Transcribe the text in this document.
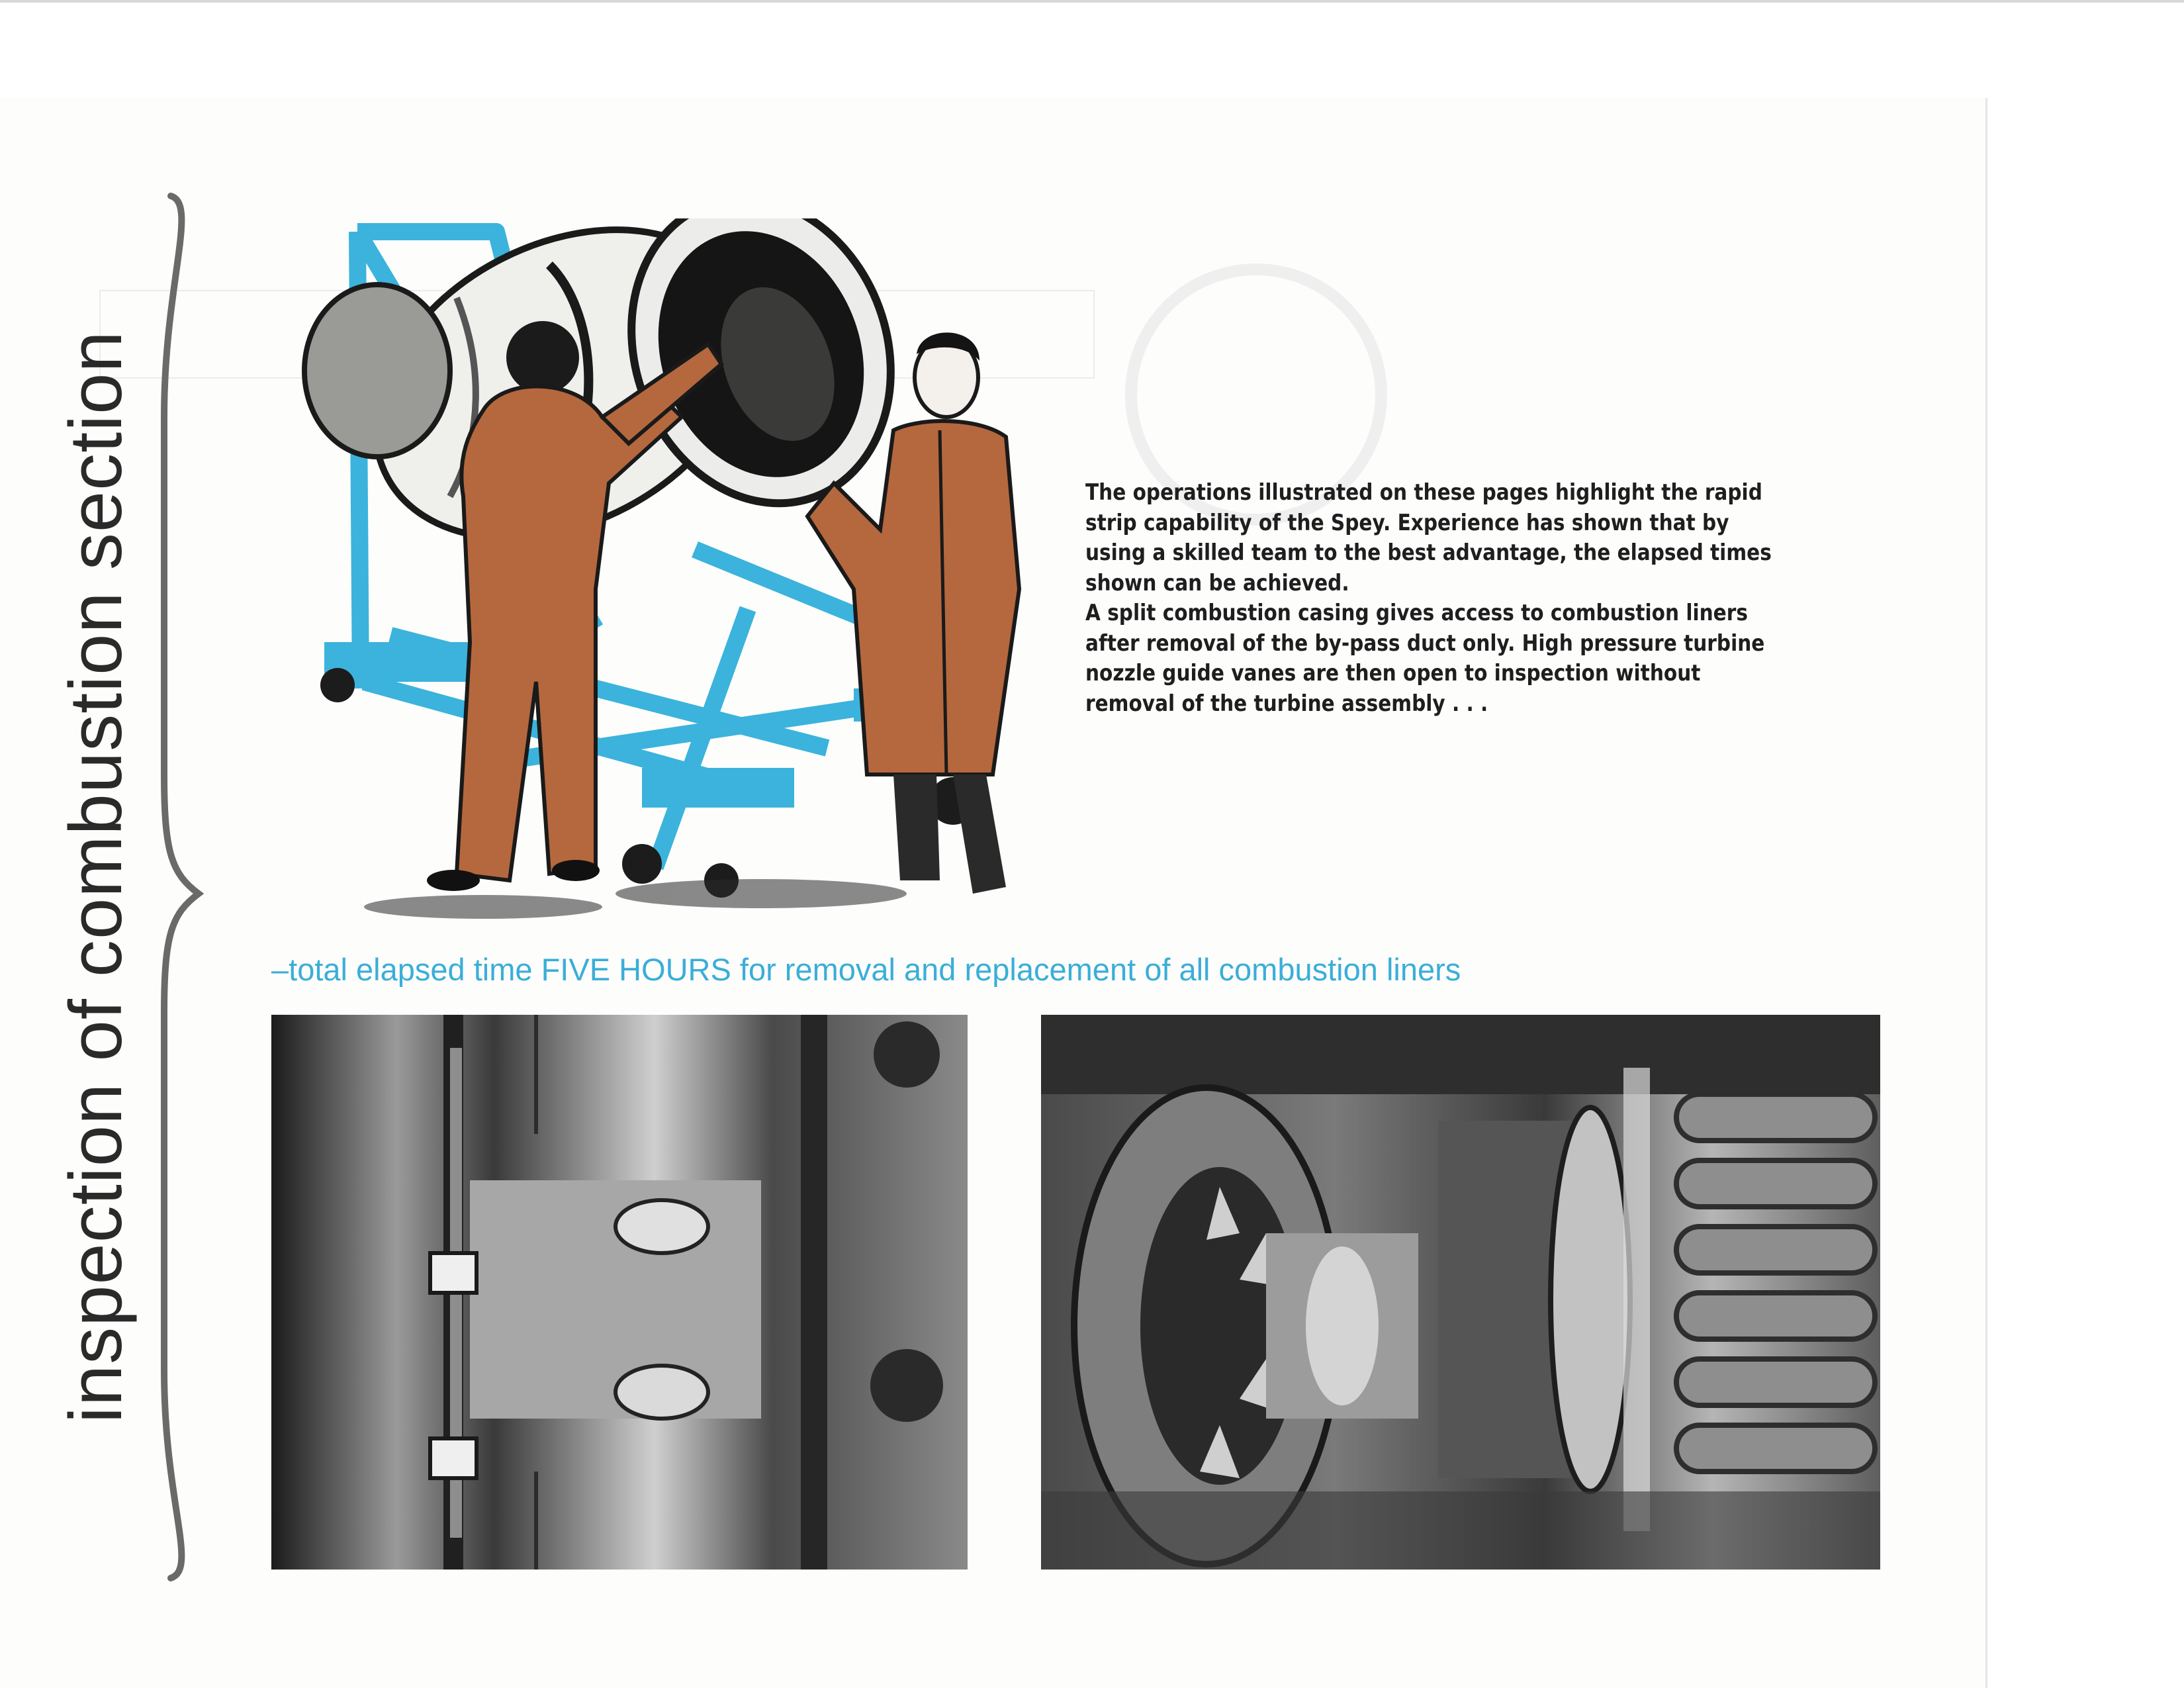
inspection of combustion section	The operations illustrated on these pages highlight the rapid strip capability of the Spey. Experience has shown that by using a skilled team to the best advantage, the elapsed times shown can be achieved.

A split combustion casing gives access to combustion liners after removal of the by-pass duct only. High pressure turbine nozzle guide vanes are then open to inspection without removal of the turbine assembly . . .

–total elapsed time FIVE HOURS for removal and replacement of all combustion liners
